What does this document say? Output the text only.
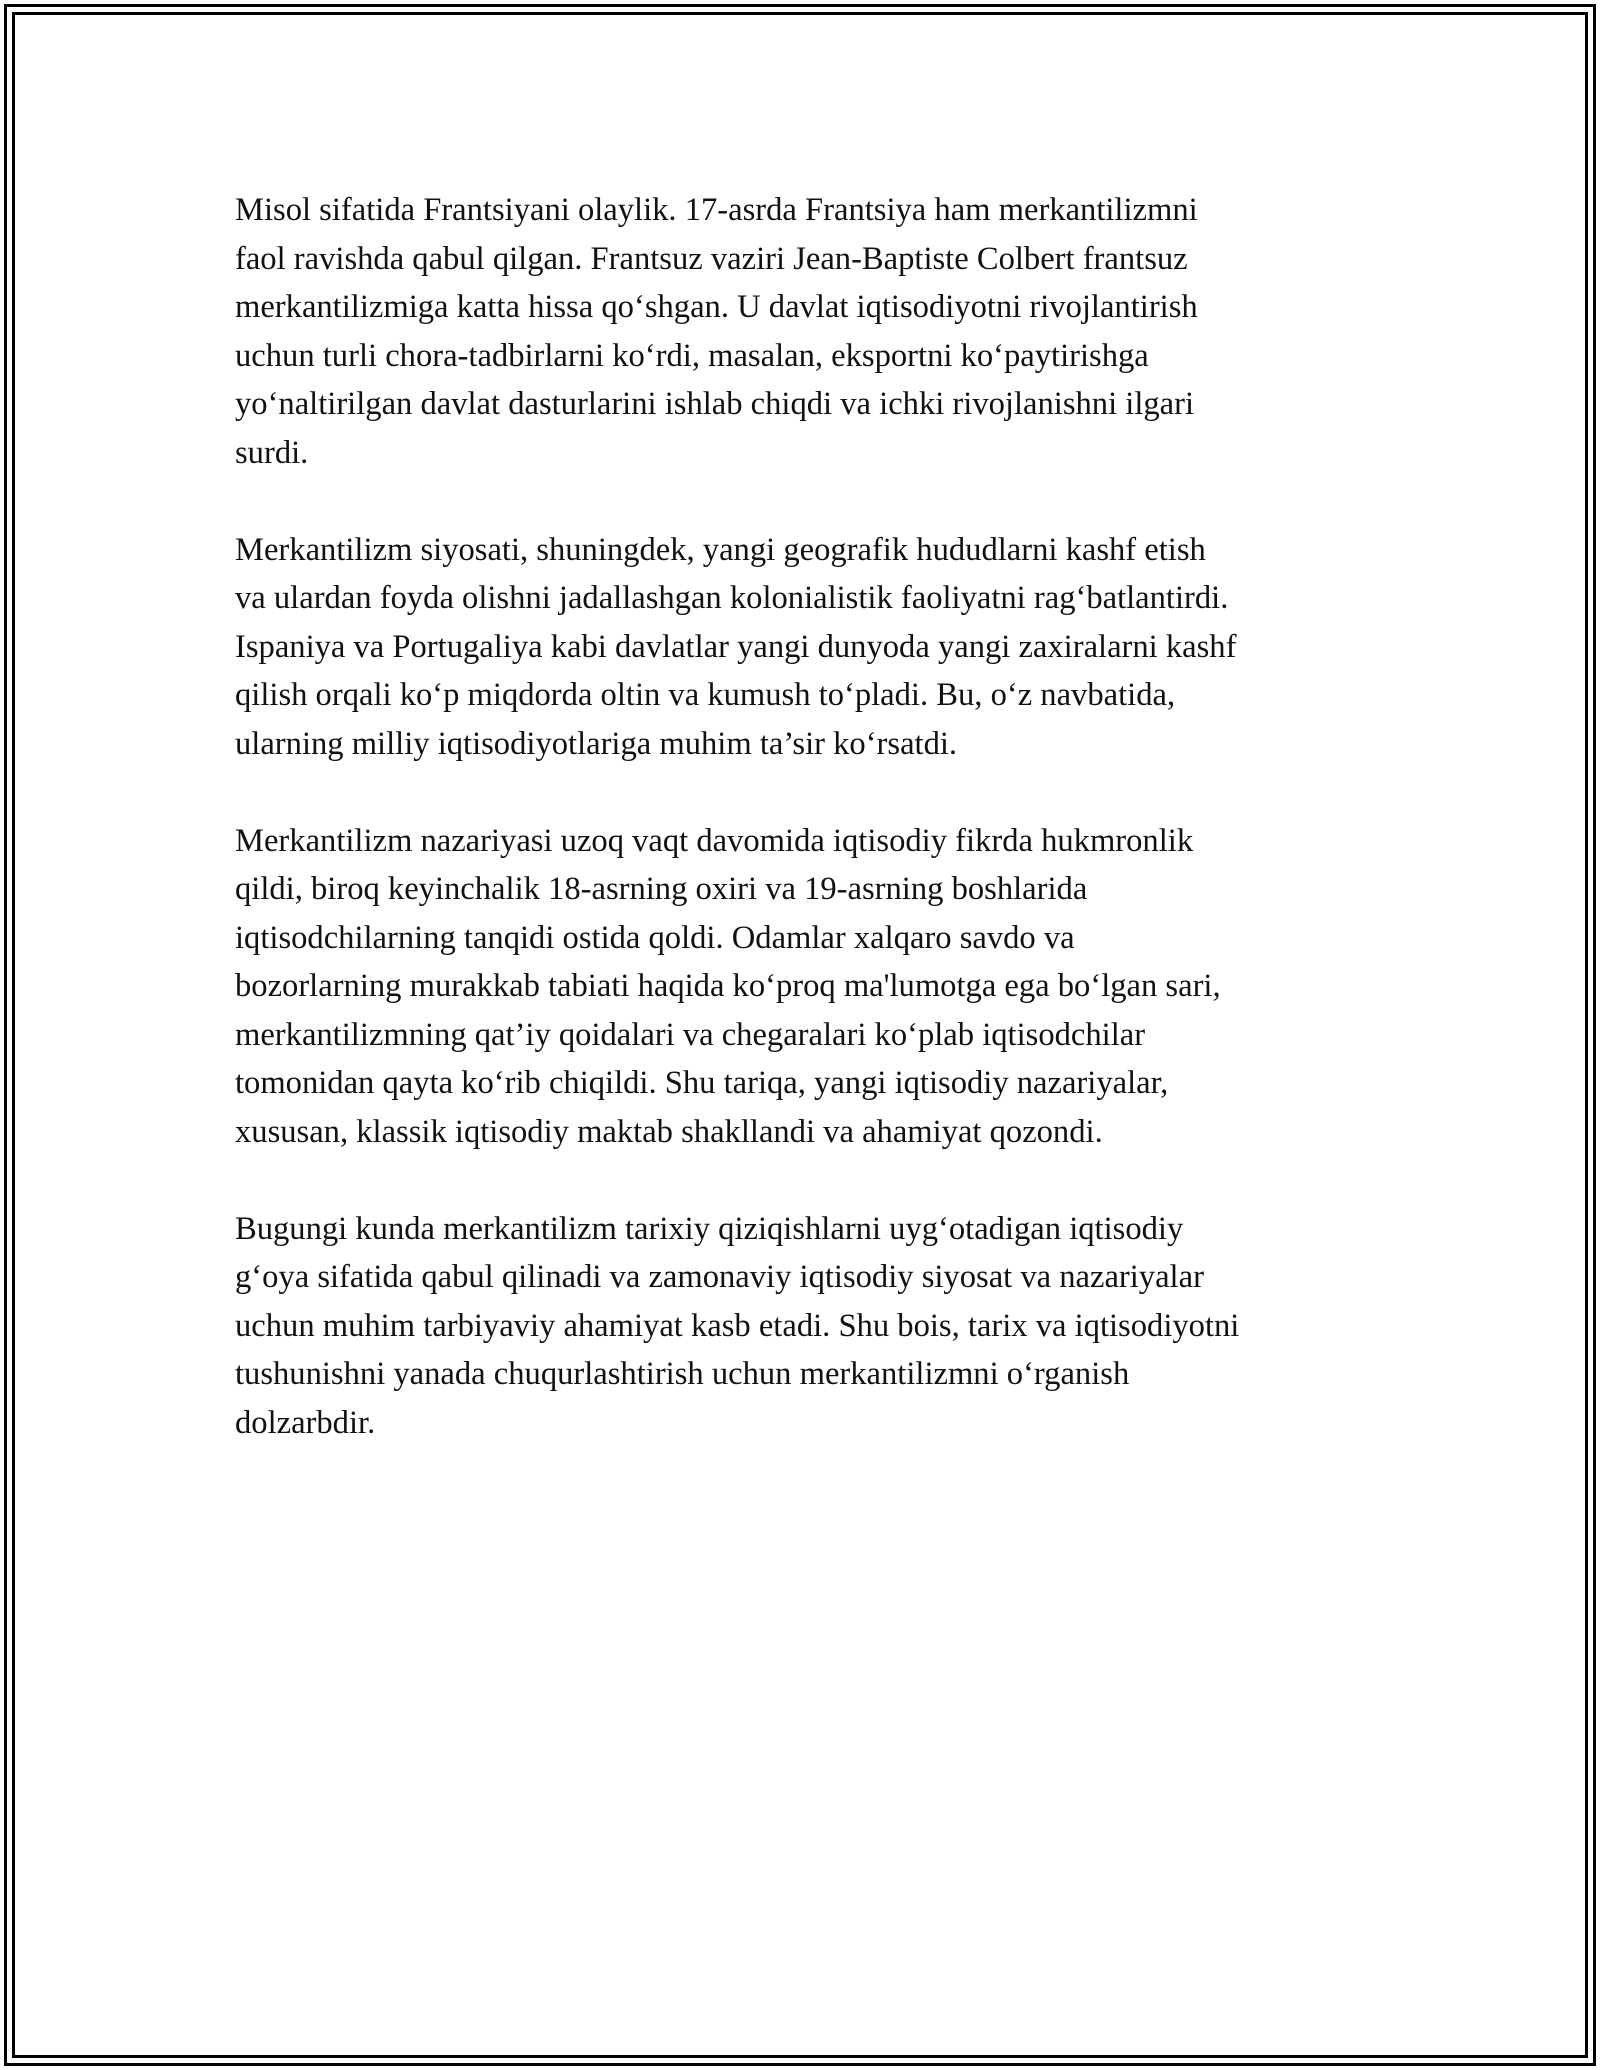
Misol sifatida Frantsiyani olaylik. 17-asrda Frantsiya ham merkantilizmni
faol ravishda qabul qilgan. Frantsuz vaziri Jean-Baptiste Colbert frantsuz
merkantilizmiga katta hissa qo‘shgan. U davlat iqtisodiyotni rivojlantirish
uchun turli chora-tadbirlarni ko‘rdi, masalan, eksportni ko‘paytirishga
yo‘naltirilgan davlat dasturlarini ishlab chiqdi va ichki rivojlanishni ilgari
surdi.
Merkantilizm siyosati, shuningdek, yangi geografik hududlarni kashf etish
va ulardan foyda olishni jadallashgan kolonialistik faoliyatni rag‘batlantirdi.
Ispaniya va Portugaliya kabi davlatlar yangi dunyoda yangi zaxiralarni kashf
qilish orqali ko‘p miqdorda oltin va kumush to‘pladi. Bu, o‘z navbatida,
ularning milliy iqtisodiyotlariga muhim ta’sir ko‘rsatdi.
Merkantilizm nazariyasi uzoq vaqt davomida iqtisodiy fikrda hukmronlik
qildi, biroq keyinchalik 18-asrning oxiri va 19-asrning boshlarida
iqtisodchilarning tanqidi ostida qoldi. Odamlar xalqaro savdo va
bozorlarning murakkab tabiati haqida ko‘proq ma'lumotga ega bo‘lgan sari,
merkantilizmning qat’iy qoidalari va chegaralari ko‘plab iqtisodchilar
tomonidan qayta ko‘rib chiqildi. Shu tariqa, yangi iqtisodiy nazariyalar,
xususan, klassik iqtisodiy maktab shakllandi va ahamiyat qozondi.
Bugungi kunda merkantilizm tarixiy qiziqishlarni uyg‘otadigan iqtisodiy
g‘oya sifatida qabul qilinadi va zamonaviy iqtisodiy siyosat va nazariyalar
uchun muhim tarbiyaviy ahamiyat kasb etadi. Shu bois, tarix va iqtisodiyotni
tushunishni yanada chuqurlashtirish uchun merkantilizmni o‘rganish
dolzarbdir.
